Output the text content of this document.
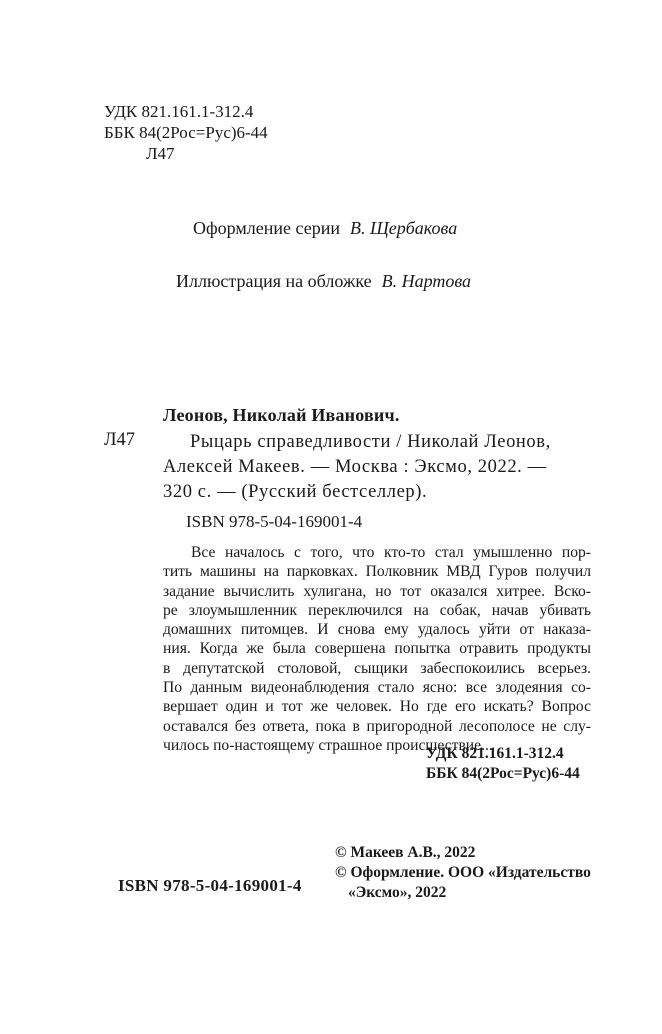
УДК 821.161.1-312.4
ББК 84(2Рос=Рус)6-44
Л47
Оформление серии В. Щербакова
Иллюстрация на обложке В. Нартова
Леонов, Николай Иванович.
Л47	Рыцарь справедливости / Николай Леонов,
Алексей Макеев. — Москва : Эксмо, 2022. —
320 с. — (Русский бестселлер).
ISBN 978-5-04-169001-4
Все началось с того, что кто-то стал умышленно пор-
тить машины на парковках. Полковник МВД Гуров получил
задание вычислить хулигана, но тот оказался хитрее. Вско-
ре злоумышленник переключился на собак, начав убивать
домашних питомцев. И снова ему удалось уйти от наказа-
ния. Когда же была совершена попытка отравить продукты
в депутатской столовой, сыщики забеспокоились всерьез.
По данным видеонаблюдения стало ясно: все злодеяния со-
вершает один и тот же человек. Но где его искать? Вопрос
оставался без ответа, пока в пригородной лесополосе не слу-
чилось по-настоящему страшное происшествие...
УДК 821.161.1-312.4
ББК 84(2Рос=Рус)6-44
© Макеев А.В., 2022
© Оформление. ООО «Издательство
«Эксмо», 2022
ISBN 978-5-04-169001-4
